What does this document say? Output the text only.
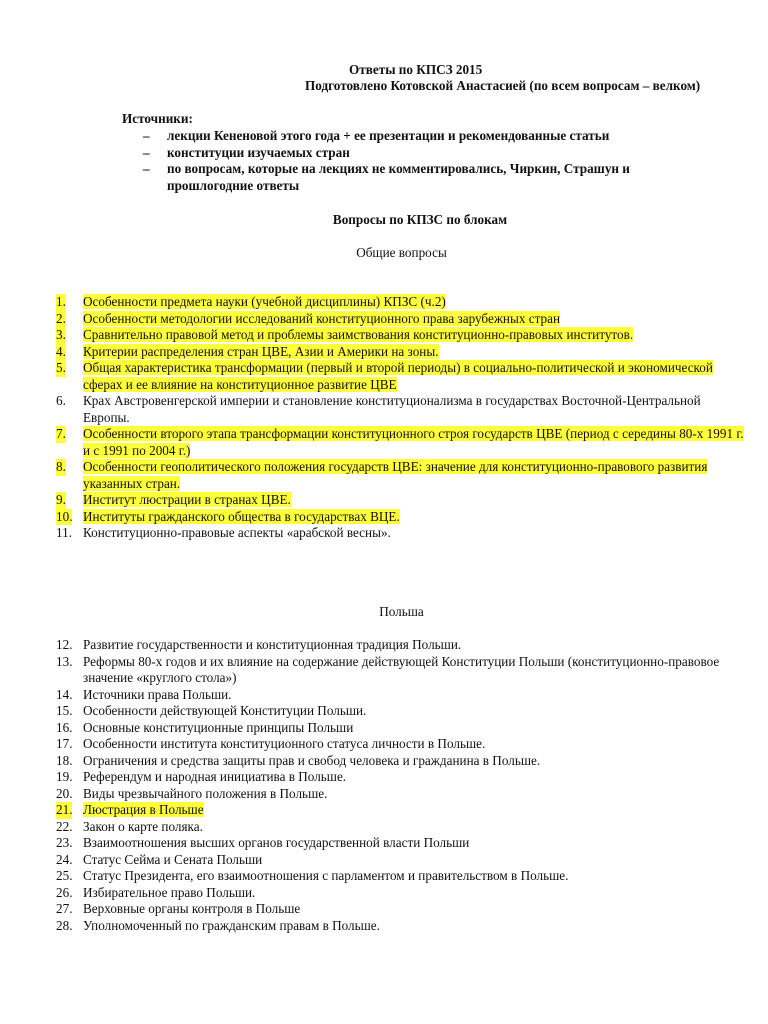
Ответы по КПСЗ 2015
Подготовлено Котовской Анастасией (по всем вопросам – велком)
Источники:
– лекции Кененовой этого года + ее презентации и рекомендованные статьи
– конституции изучаемых стран
– по вопросам, которые на лекциях не комментировались, Чиркин, Страшун и прошлогодние ответы
Вопросы по КПЗС по блокам
Общие вопросы
1. Особенности предмета науки (учебной дисциплины) КПЗС (ч.2)
2. Особенности методологии исследований конституционного права зарубежных стран
3. Сравнительно правовой метод и проблемы заимствования конституционно-правовых институтов.
4. Критерии распределения стран ЦВЕ, Азии и Америки на зоны.
5. Общая характеристика трансформации (первый и второй периоды) в социально-политической и экономической сферах и ее влияние на конституционное развитие ЦВЕ
6. Крах Австровенгерской империи и становление конституционализма в государствах Восточной-Центральной Европы.
7. Особенности второго этапа трансформации конституционного строя государств ЦВЕ (период с середины 80-х 1991 г. и с 1991 по 2004 г.)
8. Особенности геополитического положения государств ЦВЕ: значение для конституционно-правового развития указанных стран.
9. Институт люстрации в странах ЦВЕ.
10. Институты гражданского общества в государствах ВЦЕ.
11. Конституционно-правовые аспекты «арабской весны».
Польша
12. Развитие государственности и конституционная традиция Польши.
13. Реформы 80-х годов и их влияние на содержание действующей Конституции Польши (конституционно-правовое значение «круглого стола»)
14. Источники права Польши.
15. Особенности действующей Конституции Польши.
16. Основные конституционные принципы Польши
17. Особенности института конституционного статуса личности в Польше.
18. Ограничения и средства защиты прав и свобод человека и гражданина в Польше.
19. Референдум и народная инициатива в Польше.
20. Виды чрезвычайного положения в Польше.
21. Люстрация в Польше
22. Закон о карте поляка.
23. Взаимоотношения высших органов государственной власти Польши
24. Статус Сейма и Сената Польши
25. Статус Президента, его взаимоотношения с парламентом и правительством в Польше.
26. Избирательное право Польши.
27. Верховные органы контроля в Польше
28. Уполномоченный по гражданским правам в Польше.
